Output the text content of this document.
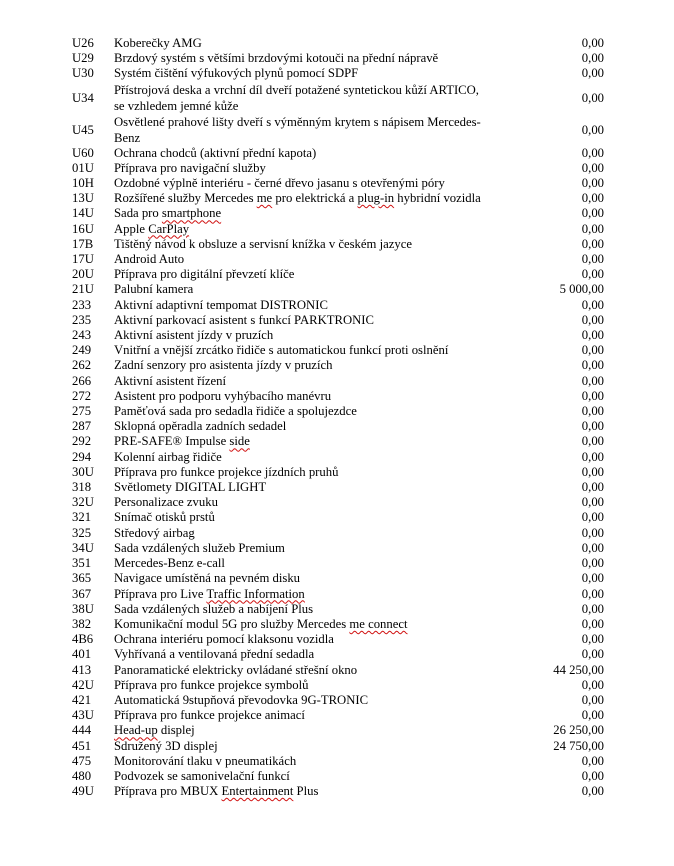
U26	Koberečky AMG	0,00
U29	Brzdový systém s většími brzdovými kotouči na přední nápravě	0,00
U30	Systém čištění výfukových plynů pomocí SDPF	0,00
U34	Přístrojová deska a vrchní díl dveří potažené syntetickou kůží ARTICO,
se vzhledem jemné kůže	0,00
U45	Osvětlené prahové lišty dveří s výměnným krytem s nápisem Mercedes-
Benz	0,00
U60	Ochrana chodců (aktivní přední kapota)	0,00
01U	Příprava pro navigační služby	0,00
10H	Ozdobné výplně interiéru - černé dřevo jasanu s otevřenými póry	0,00
13U	Rozšířené služby Mercedes me pro elektrická a plug-in hybridní vozidla	0,00
14U	Sada pro smartphone	0,00
16U	Apple CarPlay	0,00
17B	Tištěný návod k obsluze a servisní knížka v českém jazyce	0,00
17U	Android Auto	0,00
20U	Příprava pro digitální převzetí klíče	0,00
21U	Palubní kamera	5 000,00
233	Aktivní adaptivní tempomat DISTRONIC	0,00
235	Aktivní parkovací asistent s funkcí PARKTRONIC	0,00
243	Aktivní asistent jízdy v pruzích	0,00
249	Vnitřní a vnější zrcátko řidiče s automatickou funkcí proti oslnění	0,00
262	Zadní senzory pro asistenta jízdy v pruzích	0,00
266	Aktivní asistent řízení	0,00
272	Asistent pro podporu vyhýbacího manévru	0,00
275	Paměťová sada pro sedadla řidiče a spolujezdce	0,00
287	Sklopná opěradla zadních sedadel	0,00
292	PRE-SAFE® Impulse side	0,00
294	Kolenní airbag řidiče	0,00
30U	Příprava pro funkce projekce jízdních pruhů	0,00
318	Světlomety DIGITAL LIGHT	0,00
32U	Personalizace zvuku	0,00
321	Snímač otisků prstů	0,00
325	Středový airbag	0,00
34U	Sada vzdálených služeb Premium	0,00
351	Mercedes-Benz e-call	0,00
365	Navigace umístěná na pevném disku	0,00
367	Příprava pro Live Traffic Information	0,00
38U	Sada vzdálených služeb a nabíjení Plus	0,00
382	Komunikační modul 5G pro služby Mercedes me connect	0,00
4B6	Ochrana interiéru pomocí klaksonu vozidla	0,00
401	Vyhřívaná a ventilovaná přední sedadla	0,00
413	Panoramatické elektricky ovládané střešní okno	44 250,00
42U	Příprava pro funkce projekce symbolů	0,00
421	Automatická 9stupňová převodovka 9G-TRONIC	0,00
43U	Příprava pro funkce projekce animací	0,00
444	Head-up displej	26 250,00
451	Sdružený 3D displej	24 750,00
475	Monitorování tlaku v pneumatikách	0,00
480	Podvozek se samonivelační funkcí	0,00
49U	Příprava pro MBUX Entertainment Plus	0,00
